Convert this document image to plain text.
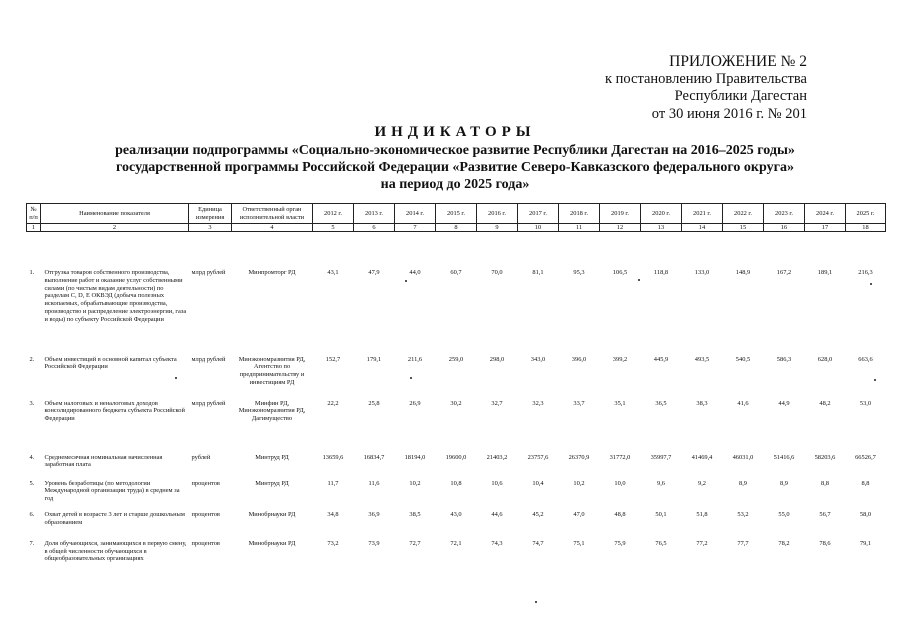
ПРИЛОЖЕНИЕ № 2
к постановлению Правительства
Республики Дагестан
от 30 июня 2016 г. № 201
ИНДИКАТОРЫ
реализации подпрограммы «Социально-экономическое развитие Республики Дагестан на 2016–2025 годы»
государственной программы Российской Федерации «Развитие Северо-Кавказского федерального округа»
на период до 2025 года»
№ п/п	Наименование показателя	Единица измерения	Ответственный орган исполнительной власти	2012 г.	2013 г.	2014 г.	2015 г.	2016 г.	2017 г.	2018 г.	2019 г.	2020 г.	2021 г.	2022 г.	2023 г.	2024 г.	2025 г.
1	2	3	4	5	6	7	8	9	10	11	12	13	14	15	16	17	18
1.	Отгрузка товаров собственного производства, выполнение работ и оказание услуг собственными силами (по чистым видам деятельности) по разделам C, D, E ОКВЭД (добыча полезных ископаемых, обрабатывающие производства, производство и распределение электроэнергии, газа и воды) по субъекту Российской Федерации	млрд рублей	Минпромторг РД	43,1	47,9	44,0	60,7	70,0	81,1	95,3	106,5	118,8	133,0	148,9	167,2	189,1	216,3
2.	Объем инвестиций в основной капитал субъекта Российской Федерации	млрд рублей	Минэкономразвития РД, Агентство по предпринимательству и инвестициям РД	152,7	179,1	211,6	259,0	298,0	343,0	396,0	399,2	445,9	493,5	540,5	586,3	628,0	663,6
3.	Объем налоговых и неналоговых доходов консолидированного бюджета субъекта Российской Федерации	млрд рублей	Минфин РД, Минэкономразвития РД, Дагимущество	22,2	25,8	26,9	30,2	32,7	32,3	33,7	35,1	36,5	38,3	41,6	44,9	48,2	53,0
4.	Среднемесячная номинальная начисленная заработная плата	рублей	Минтруд РД	13659,6	16834,7	18194,0	19600,0	21403,2	23757,6	26370,9	31772,0	35997,7	41469,4	46031,0	51416,6	58203,6	66526,7
5.	Уровень безработицы (по методологии Международной организации труда) в среднем за год	процентов	Минтруд РД	11,7	11,6	10,2	10,8	10,6	10,4	10,2	10,0	9,6	9,2	8,9	8,9	8,8	8,8
6.	Охват детей в возрасте 3 лет и старше дошкольным образованием	процентов	Минобрнауки РД	34,8	36,9	38,5	43,0	44,6	45,2	47,0	48,8	50,1	51,8	53,2	55,0	56,7	58,0
7.	Доля обучающихся, занимающихся в первую смену, в общей численности обучающихся в общеобразовательных организациях	процентов	Минобрнауки РД	73,2	73,9	72,7	72,1	74,3	74,7	75,1	75,9	76,5	77,2	77,7	78,2	78,6	79,1
